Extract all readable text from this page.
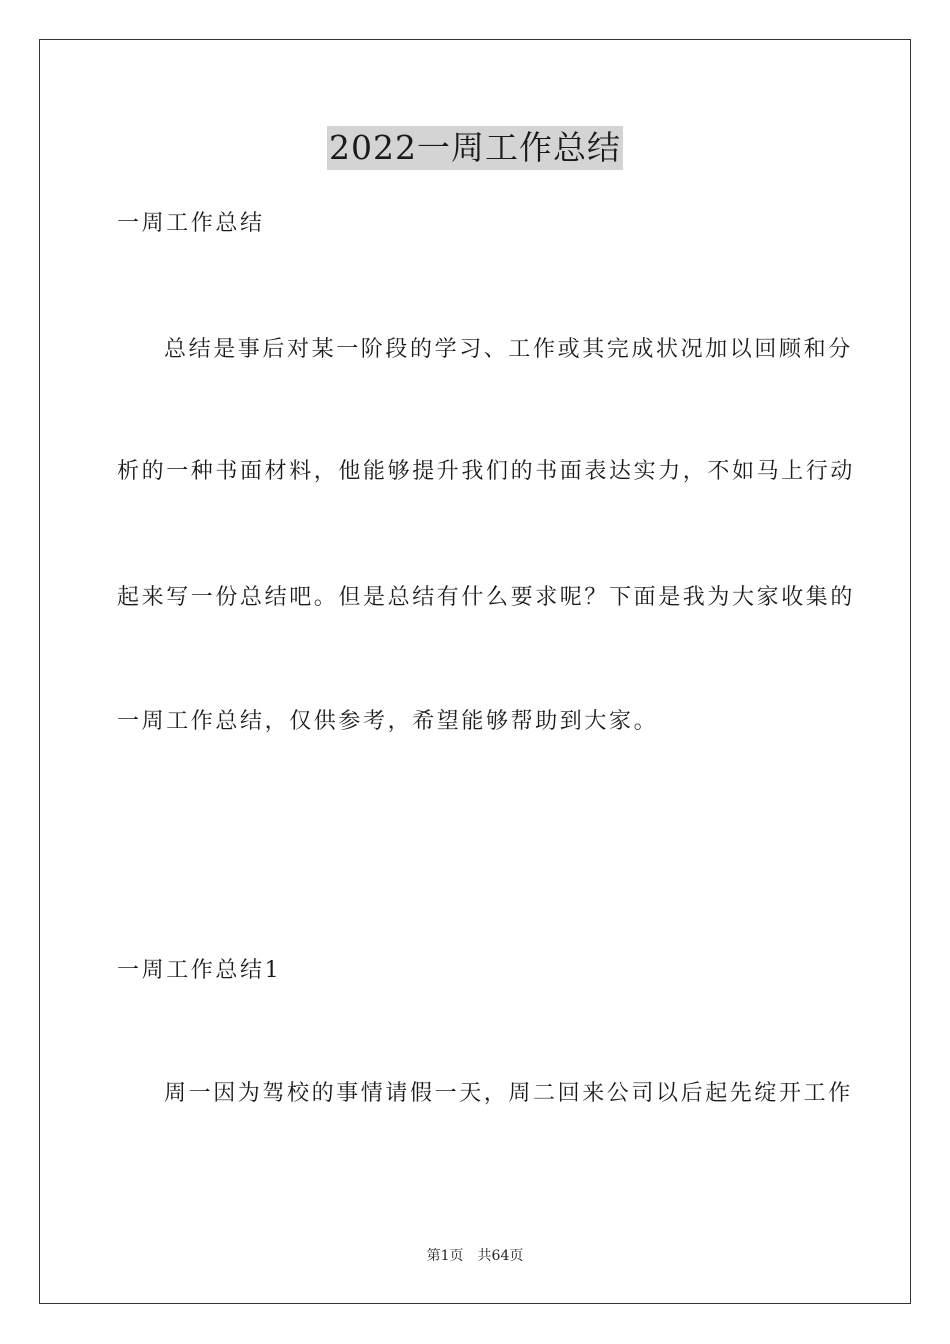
2022一周工作总结

一周工作总结

总结是事后对某一阶段的学习、工作或其完成状况加以回顾和分

析的一种书面材料，他能够提升我们的书面表达实力，不如马上行动

起来写一份总结吧。但是总结有什么要求呢？下面是我为大家收集的

一周工作总结，仅供参考，希望能够帮助到大家。

一周工作总结1

周一因为驾校的事情请假一天，周二回来公司以后起先绽开工作

第1页　共64页
